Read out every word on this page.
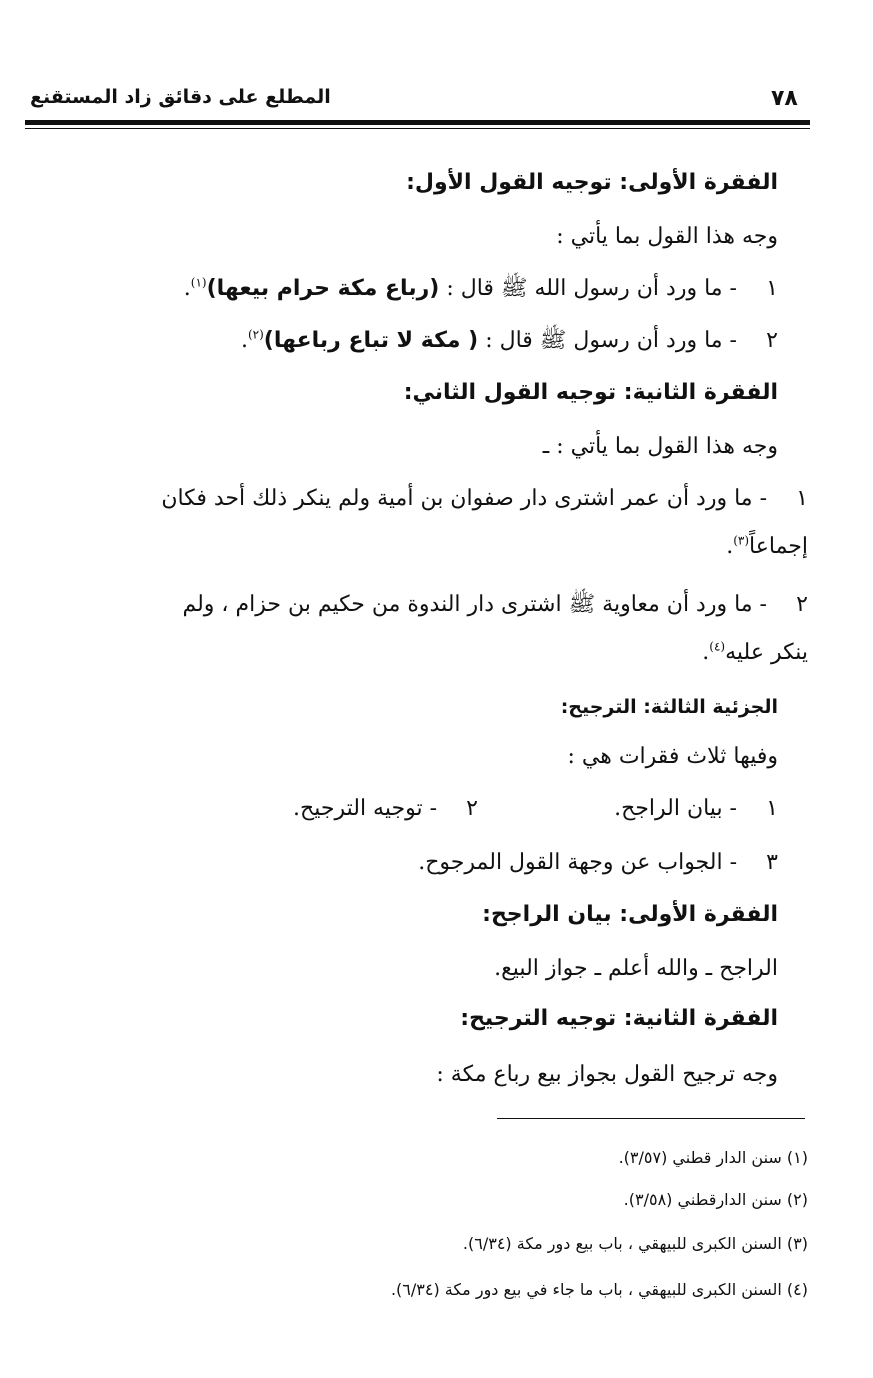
المطلع على دقائق زاد المستقنع	٧٨
الفقرة الأولى: توجيه القول الأول:
وجه هذا القول بما يأتي :
١ - ما ورد أن رسول الله ﷺ قال : (رباع مكة حرام بيعها)$^{(١)}$.
٢ - ما ورد أن رسول ﷺ قال : ( مكة لا تباع رباعها)$^{(٢)}$.
الفقرة الثانية: توجيه القول الثاني:
وجه هذا القول بما يأتي : ـ
١ - ما ورد أن عمر اشترى دار صفوان بن أمية ولم ينكر ذلك أحد فكان
إجماعاً$^{(٣)}$.
٢ - ما ورد أن معاوية ﷺ اشترى دار الندوة من حكيم بن حزام ، ولم
ينكر عليه$^{(٤)}$.
الجزئية الثالثة: الترجيح:
وفيها ثلاث فقرات هي :
١ - بيان الراجح.
٢ - توجيه الترجيح.
٣ - الجواب عن وجهة القول المرجوح.
الفقرة الأولى: بيان الراجح:
الراجح ـ والله أعلم ـ جواز البيع.
الفقرة الثانية: توجيه الترجيح:
وجه ترجيح القول بجواز بيع رباع مكة :
(١) سنن الدار قطني (٣/٥٧).
(٢) سنن الدارقطني (٣/٥٨).
(٣) السنن الكبرى للبيهقي ، باب بيع دور مكة (٦/٣٤).
(٤) السنن الكبرى للبيهقي ، باب ما جاء في بيع دور مكة (٦/٣٤).
